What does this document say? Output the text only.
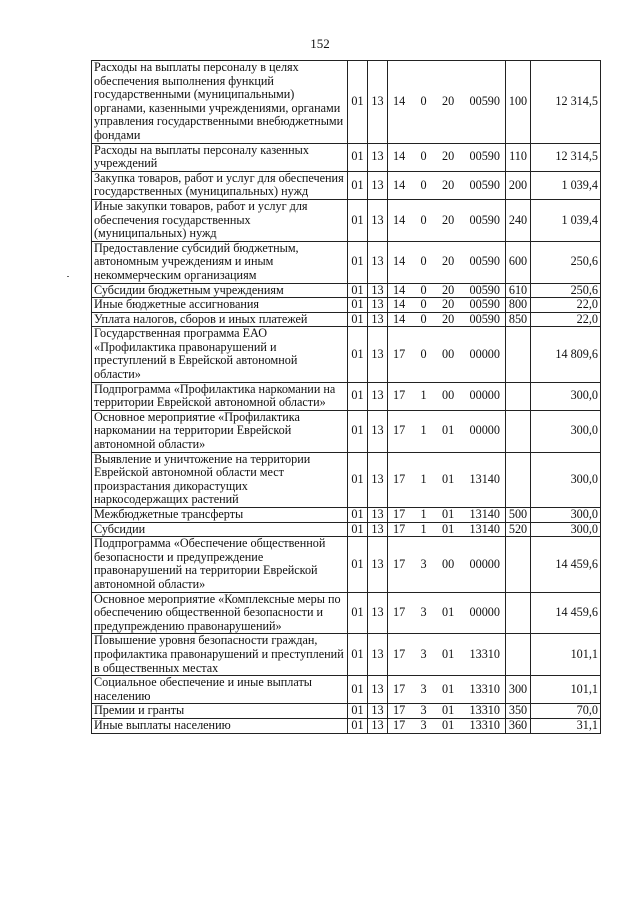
152
Расходы на выплаты персоналу в целях обеспечения выполнения функций государственными (муниципальными) органами, казенными учреждениями, органами управления государственными внебюджетными фондами	01	13	14 0 20 00590	100	12 314,5
Расходы на выплаты персоналу казенных учреждений	01	13	14 0 20 00590	110	12 314,5
Закупка товаров, работ и услуг для обеспечения государственных (муниципальных) нужд	01	13	14 0 20 00590	200	1 039,4
Иные закупки товаров, работ и услуг для обеспечения государственных (муниципальных) нужд	01	13	14 0 20 00590	240	1 039,4
Предоставление субсидий бюджетным, автономным учреждениям и иным некоммерческим организациям	01	13	14 0 20 00590	600	250,6
Субсидии бюджетным учреждениям	01	13	14 0 20 00590	610	250,6
Иные бюджетные ассигнования	01	13	14 0 20 00590	800	22,0
Уплата налогов, сборов и иных платежей	01	13	14 0 20 00590	850	22,0
Государственная программа ЕАО «Профилактика правонарушений и преступлений в Еврейской автономной области»	01	13	17 0 00 00000		14 809,6
Подпрограмма «Профилактика наркомании на территории Еврейской автономной области»	01	13	17 1 00 00000		300,0
Основное мероприятие «Профилактика наркомании на территории Еврейской автономной области»	01	13	17 1 01 00000		300,0
Выявление и уничтожение на территории Еврейской автономной области мест произрастания дикорастущих наркосодержащих растений	01	13	17 1 01 13140		300,0
Межбюджетные трансферты	01	13	17 1 01 13140	500	300,0
Субсидии	01	13	17 1 01 13140	520	300,0
Подпрограмма «Обеспечение общественной безопасности и предупреждение правонарушений на территории Еврейской автономной области»	01	13	17 3 00 00000		14 459,6
Основное мероприятие «Комплексные меры по обеспечению общественной безопасности и предупреждению правонарушений»	01	13	17 3 01 00000		14 459,6
Повышение уровня безопасности граждан, профилактика правонарушений и преступлений в общественных местах	01	13	17 3 01 13310		101,1
Социальное обеспечение и иные выплаты населению	01	13	17 3 01 13310	300	101,1
Премии и гранты	01	13	17 3 01 13310	350	70,0
Иные выплаты населению	01	13	17 3 01 13310	360	31,1
